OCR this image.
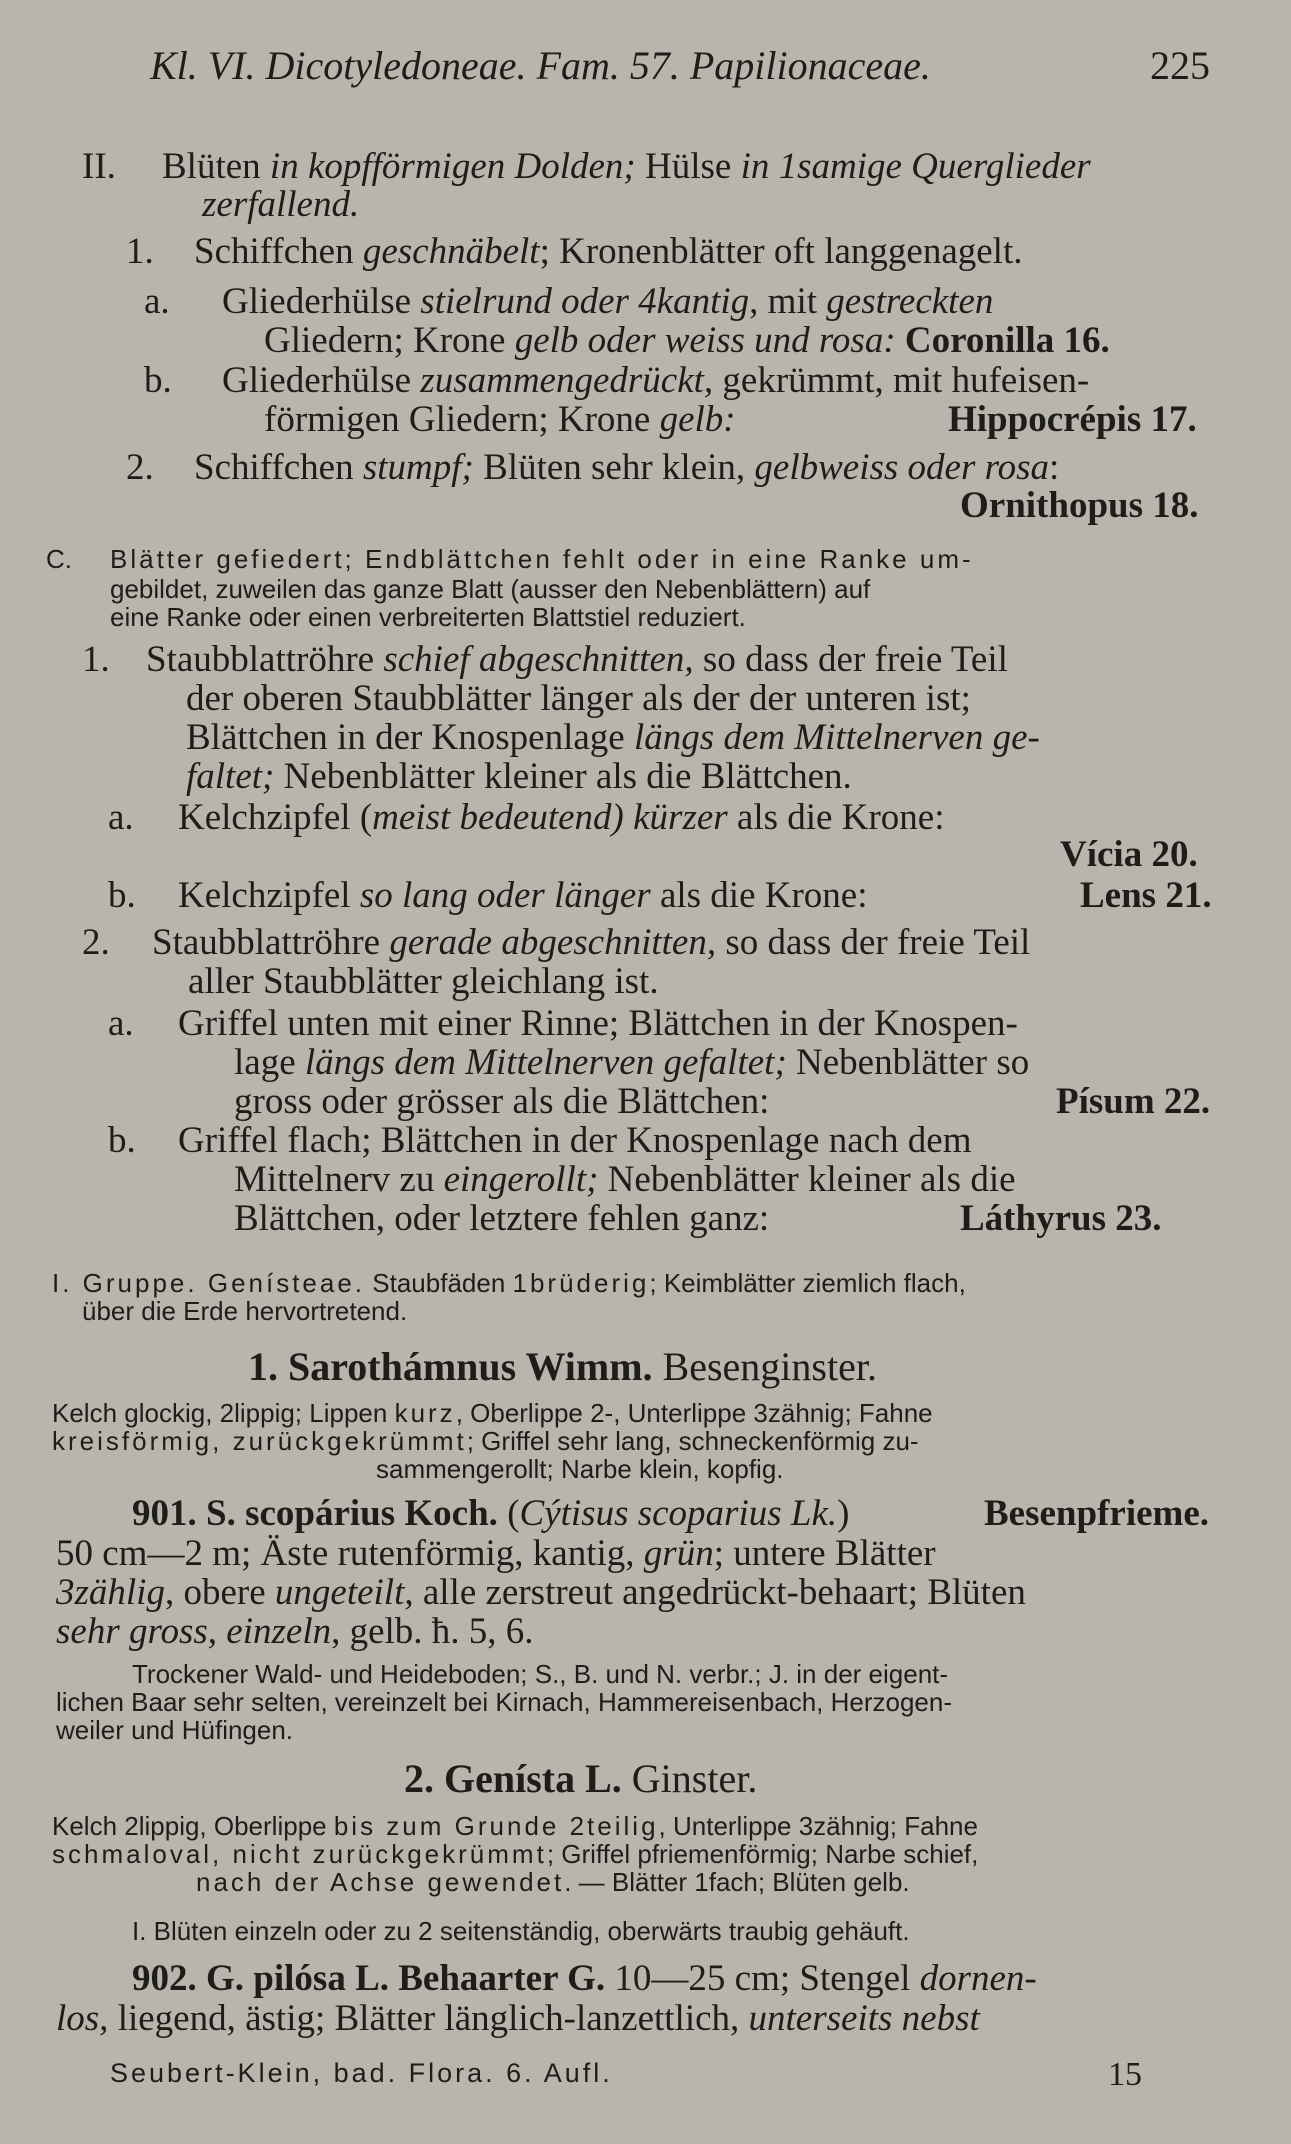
Kl. VI. Dicotyledoneae. Fam. 57. Papilionaceae.	225
II. Blüten in kopfförmigen Dolden; Hülse in 1samige Querglieder
zerfallend.
1. Schiffchen geschnäbelt; Kronenblätter oft langgenagelt.
a. Gliederhülse stielrund oder 4kantig, mit gestreckten
Gliedern; Krone gelb oder weiss und rosa: Coronilla 16.
b. Gliederhülse zusammengedrückt, gekrümmt, mit hufeisen-
förmigen Gliedern; Krone gelb:	Hippocrépis 17.
2. Schiffchen stumpf; Blüten sehr klein, gelbweiss oder rosa:
Ornithopus 18.
C. Blätter gefiedert; Endblättchen fehlt oder in eine Ranke um-
gebildet, zuweilen das ganze Blatt (ausser den Nebenblättern) auf
eine Ranke oder einen verbreiterten Blattstiel reduziert.
1. Staubblattröhre schief abgeschnitten, so dass der freie Teil
der oberen Staubblätter länger als der der unteren ist;
Blättchen in der Knospenlage längs dem Mittelnerven ge-
faltet; Nebenblätter kleiner als die Blättchen.
a. Kelchzipfel (meist bedeutend) kürzer als die Krone:
Vícia 20.
b. Kelchzipfel so lang oder länger als die Krone:	Lens 21.
2. Staubblattröhre gerade abgeschnitten, so dass der freie Teil
aller Staubblätter gleichlang ist.
a. Griffel unten mit einer Rinne; Blättchen in der Knospen-
lage längs dem Mittelnerven gefaltet; Nebenblätter so
gross oder grösser als die Blättchen:	Písum 22.
b. Griffel flach; Blättchen in der Knospenlage nach dem
Mittelnerv zu eingerollt; Nebenblätter kleiner als die
Blättchen, oder letztere fehlen ganz:	Láthyrus 23.
I. Gruppe. Genísteae. Staubfäden 1brüderig; Keimblätter ziemlich flach,
über die Erde hervortretend.
1. Sarothámnus Wimm. Besenginster.
Kelch glockig, 2lippig; Lippen kurz, Oberlippe 2-, Unterlippe 3zähnig; Fahne
kreisförmig, zurückgekrümmt; Griffel sehr lang, schneckenförmig zu-
sammengerollt; Narbe klein, kopfig.
901. S. scopárius Koch. (Cýtisus scoparius Lk.)	Besenpfrieme.
50 cm—2 m; Äste rutenförmig, kantig, grün; untere Blätter
3zählig, obere ungeteilt, alle zerstreut angedrückt-behaart; Blüten
sehr gross, einzeln, gelb. ħ. 5, 6.
Trockener Wald- und Heideboden; S., B. und N. verbr.; J. in der eigent-
lichen Baar sehr selten, vereinzelt bei Kirnach, Hammereisenbach, Herzogen-
weiler und Hüfingen.
2. Genísta L. Ginster.
Kelch 2lippig, Oberlippe bis zum Grunde 2teilig, Unterlippe 3zähnig; Fahne
schmaloval, nicht zurückgekrümmt; Griffel pfriemenförmig; Narbe schief,
nach der Achse gewendet. — Blätter 1fach; Blüten gelb.
I. Blüten einzeln oder zu 2 seitenständig, oberwärts traubig gehäuft.
902. G. pilósa L. Behaarter G. 10—25 cm; Stengel dornen-
los, liegend, ästig; Blätter länglich-lanzettlich, unterseits nebst
Seubert-Klein, bad. Flora. 6. Aufl.	15
